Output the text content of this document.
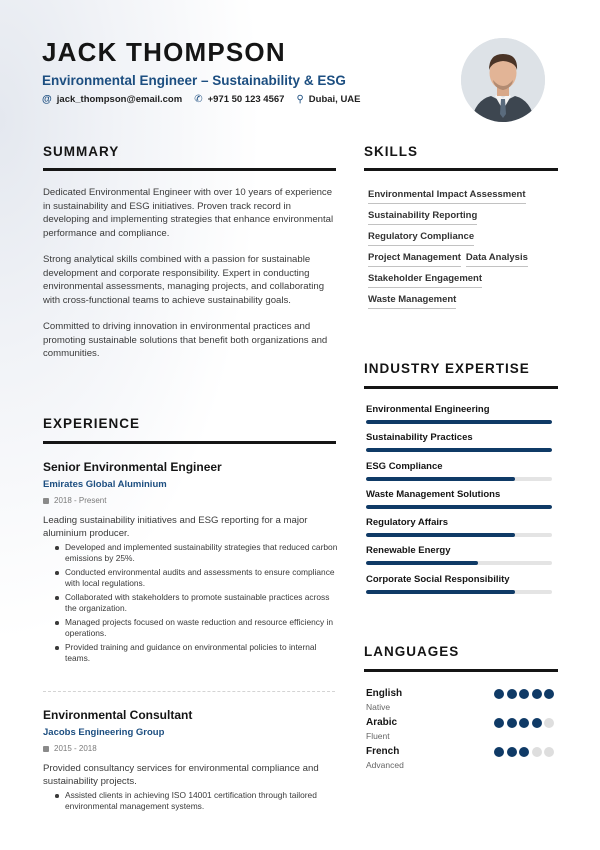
JACK THOMPSON
Environmental Engineer – Sustainability & ESG
@ jack_thompson@email.com ✆ +971 50 123 4567 ⚲ Dubai, UAE
SUMMARY

Dedicated Environmental Engineer with over 10 years of experience in sustainability and ESG initiatives. Proven track record in developing and implementing strategies that enhance environmental performance and compliance.

Strong analytical skills combined with a passion for sustainable development and corporate responsibility. Expert in conducting environmental assessments, managing projects, and collaborating with cross-functional teams to achieve sustainability goals.

Committed to driving innovation in environmental practices and promoting sustainable solutions that benefit both organizations and communities.

EXPERIENCE
Senior Environmental Engineer
Emirates Global Aluminium
2018 - Present
Leading sustainability initiatives and ESG reporting for a major aluminium producer.
Developed and implemented sustainability strategies that reduced carbon emissions by 25%.
Conducted environmental audits and assessments to ensure compliance with local regulations.
Collaborated with stakeholders to promote sustainable practices across the organization.
Managed projects focused on waste reduction and resource efficiency in operations.
Provided training and guidance on environmental policies to internal teams.
Environmental Consultant
Jacobs Engineering Group
2015 - 2018
Provided consultancy services for environmental compliance and sustainability projects.
Assisted clients in achieving ISO 14001 certification through tailored environmental management systems.
SKILLS
Environmental Impact Assessment
Sustainability Reporting
Regulatory Compliance
Project Management Data Analysis
Stakeholder Engagement
Waste Management
INDUSTRY EXPERTISE
Environmental Engineering
Sustainability Practices
ESG Compliance
Waste Management Solutions
Regulatory Affairs
Renewable Energy
Corporate Social Responsibility
LANGUAGES
English
Native
Arabic
Fluent
French
Advanced
